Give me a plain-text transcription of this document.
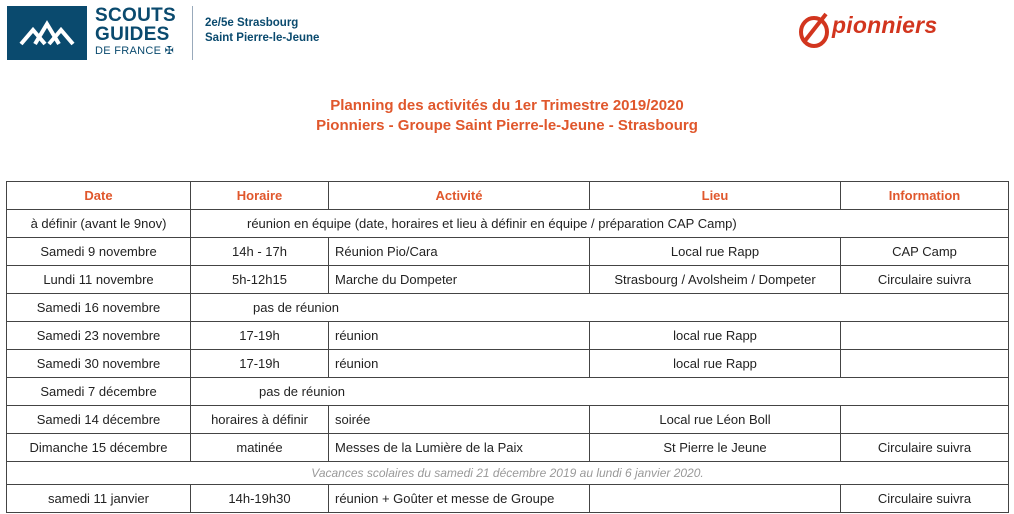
SCOUTS
GUIDES
DE FRANCE ✠
2e/5e Strasbourg
Saint Pierre-le-Jeune	pionniers
Planning des activités du 1er Trimestre 2019/2020
Pionniers - Groupe Saint Pierre-le-Jeune - Strasbourg
Date	Horaire	Activité	Lieu	Information
à définir (avant le 9nov)	réunion en équipe (date, horaires et lieu à définir en équipe / préparation CAP Camp)			
Samedi 9 novembre	14h - 17h	Réunion Pio/Cara	Local rue Rapp	CAP Camp
Lundi 11 novembre	5h-12h15	Marche du Dompeter	Strasbourg / Avolsheim / Dompeter	Circulaire suivra
Samedi 16 novembre	pas de réunion			
Samedi 23 novembre	17-19h	réunion	local rue Rapp	
Samedi 30 novembre	17-19h	réunion	local rue Rapp	
Samedi 7 décembre	pas de réunion			
Samedi 14 décembre	horaires à définir	soirée	Local rue Léon Boll	
Dimanche 15 décembre	matinée	Messes de la Lumière de la Paix	St Pierre le Jeune	Circulaire suivra
Vacances scolaires du samedi 21 décembre 2019 au lundi 6 janvier 2020.				
samedi 11 janvier	14h-19h30	réunion + Goûter et messe de Groupe		Circulaire suivra
